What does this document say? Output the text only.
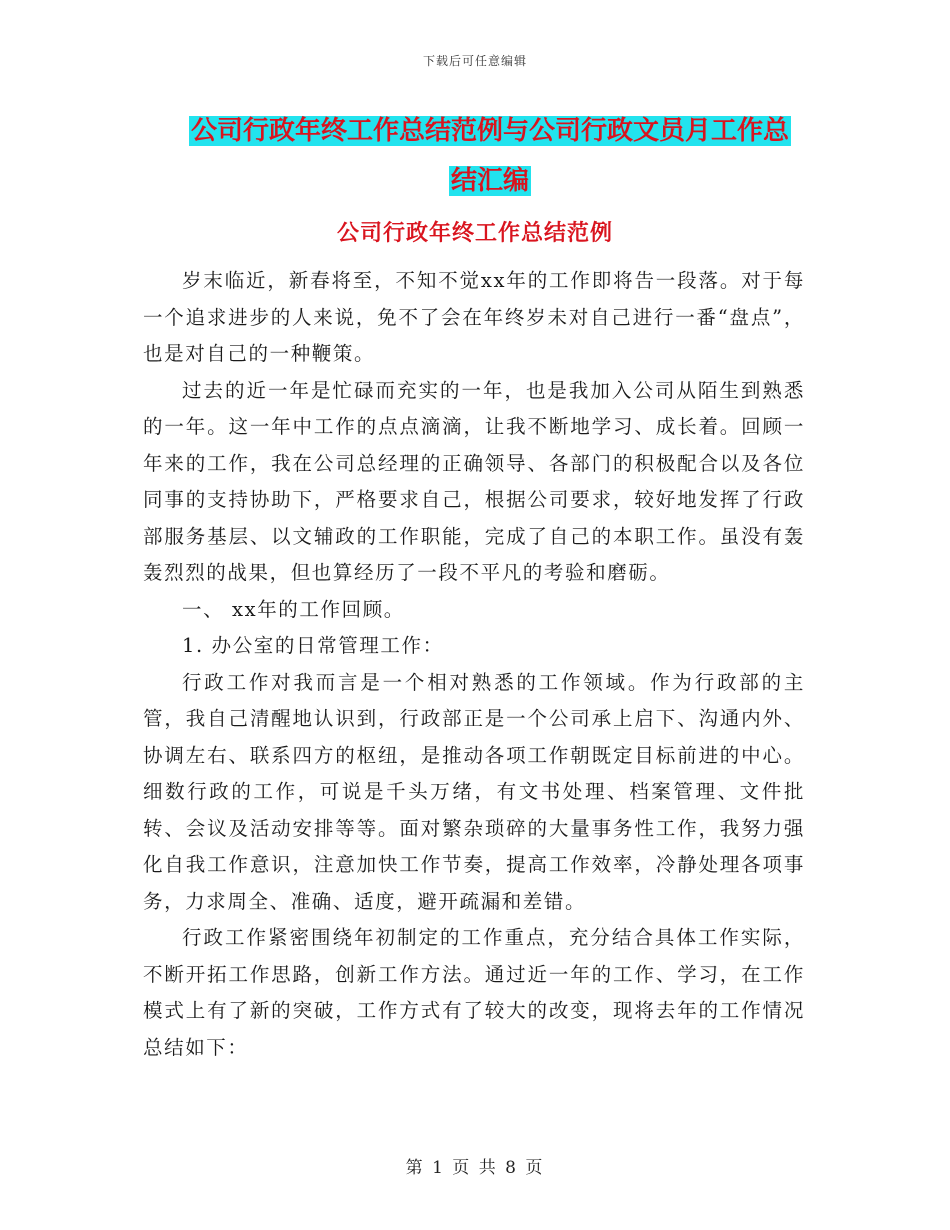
下载后可任意编辑
公司行政年终工作总结范例与公司行政文员月工作总
结汇编
公司行政年终工作总结范例

岁末临近，新春将至，不知不觉xx年的工作即将告一段落。对于每一个追求进步的人来说，免不了会在年终岁未对自己进行一番“盘点”，也是对自己的一种鞭策。

过去的近一年是忙碌而充实的一年，也是我加入公司从陌生到熟悉的一年。这一年中工作的点点滴滴，让我不断地学习、成长着。回顾一年来的工作，我在公司总经理的正确领导、各部门的积极配合以及各位同事的支持协助下，严格要求自己，根据公司要求，较好地发挥了行政部服务基层、以文辅政的工作职能，完成了自己的本职工作。虽没有轰轰烈烈的战果，但也算经历了一段不平凡的考验和磨砺。

一、 xx年的工作回顾。

1. 办公室的日常管理工作：

行政工作对我而言是一个相对熟悉的工作领域。作为行政部的主管，我自己清醒地认识到，行政部正是一个公司承上启下、沟通内外、协调左右、联系四方的枢纽，是推动各项工作朝既定目标前进的中心。 细数行政的工作，可说是千头万绪，有文书处理、档案管理、文件批转、会议及活动安排等等。面对繁杂琐碎的大量事务性工作，我努力强化自我工作意识，注意加快工作节奏，提高工作效率，冷静处理各项事务，力求周全、准确、适度，避开疏漏和差错。

行政工作紧密围绕年初制定的工作重点，充分结合具体工作实际，不断开拓工作思路，创新工作方法。通过近一年的工作、学习，在工作模式上有了新的突破，工作方式有了较大的改变，现将去年的工作情况总结如下：

第 1 页 共 8 页
